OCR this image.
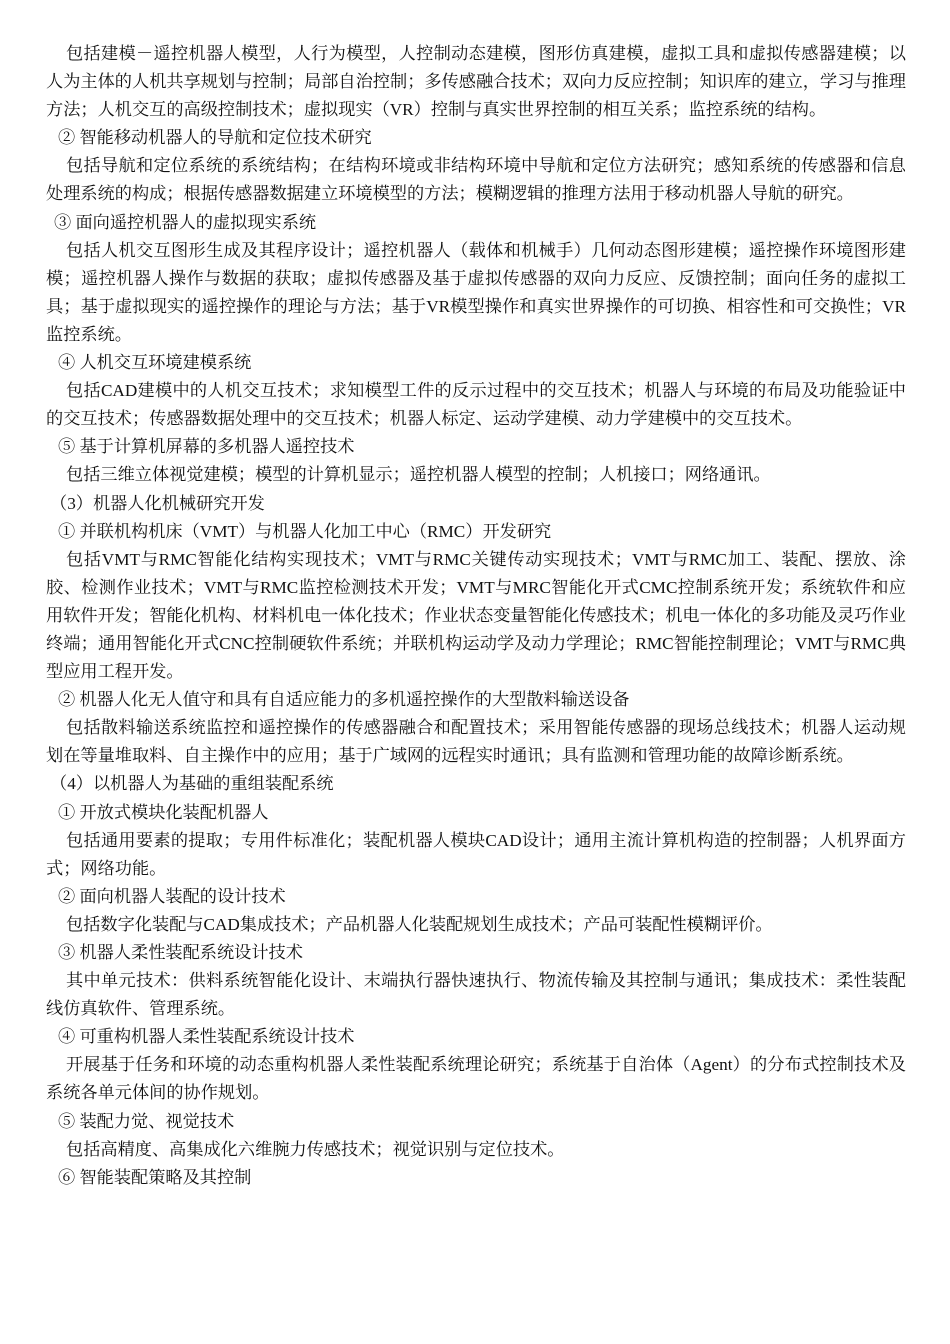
包括建模－遥控机器人模型，人行为模型，人控制动态建模，图形仿真建模，虚拟工具和虚拟传感器建模；以人为主体的人机共享规划与控制；局部自治控制；多传感融合技术；双向力反应控制；知识库的建立，学习与推理方法；人机交互的高级控制技术；虚拟现实（VR）控制与真实世界控制的相互关系；监控系统的结构。

② 智能移动机器人的导航和定位技术研究

包括导航和定位系统的系统结构；在结构环境或非结构环境中导航和定位方法研究；感知系统的传感器和信息处理系统的构成；根据传感器数据建立环境模型的方法；模糊逻辑的推理方法用于移动机器人导航的研究。

③ 面向遥控机器人的虚拟现实系统

包括人机交互图形生成及其程序设计；遥控机器人（载体和机械手）几何动态图形建模；遥控操作环境图形建模；遥控机器人操作与数据的获取；虚拟传感器及基于虚拟传感器的双向力反应、反馈控制；面向任务的虚拟工具；基于虚拟现实的遥控操作的理论与方法；基于VR模型操作和真实世界操作的可切换、相容性和可交换性；VR监控系统。

④ 人机交互环境建模系统

包括CAD建模中的人机交互技术；求知模型工件的反示过程中的交互技术；机器人与环境的布局及功能验证中的交互技术；传感器数据处理中的交互技术；机器人标定、运动学建模、动力学建模中的交互技术。

⑤ 基于计算机屏幕的多机器人遥控技术

包括三维立体视觉建模；模型的计算机显示；遥控机器人模型的控制；人机接口；网络通讯。

（3）机器人化机械研究开发

① 并联机构机床（VMT）与机器人化加工中心（RMC）开发研究

包括VMT与RMC智能化结构实现技术；VMT与RMC关键传动实现技术；VMT与RMC加工、装配、摆放、涂胶、检测作业技术；VMT与RMC监控检测技术开发；VMT与MRC智能化开式CMC控制系统开发；系统软件和应用软件开发；智能化机构、材料机电一体化技术；作业状态变量智能化传感技术；机电一体化的多功能及灵巧作业终端；通用智能化开式CNC控制硬软件系统；并联机构运动学及动力学理论；RMC智能控制理论；VMT与RMC典型应用工程开发。

② 机器人化无人值守和具有自适应能力的多机遥控操作的大型散料输送设备

包括散料输送系统监控和遥控操作的传感器融合和配置技术；采用智能传感器的现场总线技术；机器人运动规划在等量堆取料、自主操作中的应用；基于广域网的远程实时通讯；具有监测和管理功能的故障诊断系统。

（4）以机器人为基础的重组装配系统

① 开放式模块化装配机器人

包括通用要素的提取；专用件标准化；装配机器人模块CAD设计；通用主流计算机构造的控制器；人机界面方式；网络功能。

② 面向机器人装配的设计技术

包括数字化装配与CAD集成技术；产品机器人化装配规划生成技术；产品可装配性模糊评价。

③ 机器人柔性装配系统设计技术

其中单元技术：供料系统智能化设计、末端执行器快速执行、物流传输及其控制与通讯；集成技术：柔性装配线仿真软件、管理系统。

④ 可重构机器人柔性装配系统设计技术

开展基于任务和环境的动态重构机器人柔性装配系统理论研究；系统基于自治体（Agent）的分布式控制技术及系统各单元体间的协作规划。

⑤ 装配力觉、视觉技术

包括高精度、高集成化六维腕力传感技术；视觉识别与定位技术。

⑥ 智能装配策略及其控制
